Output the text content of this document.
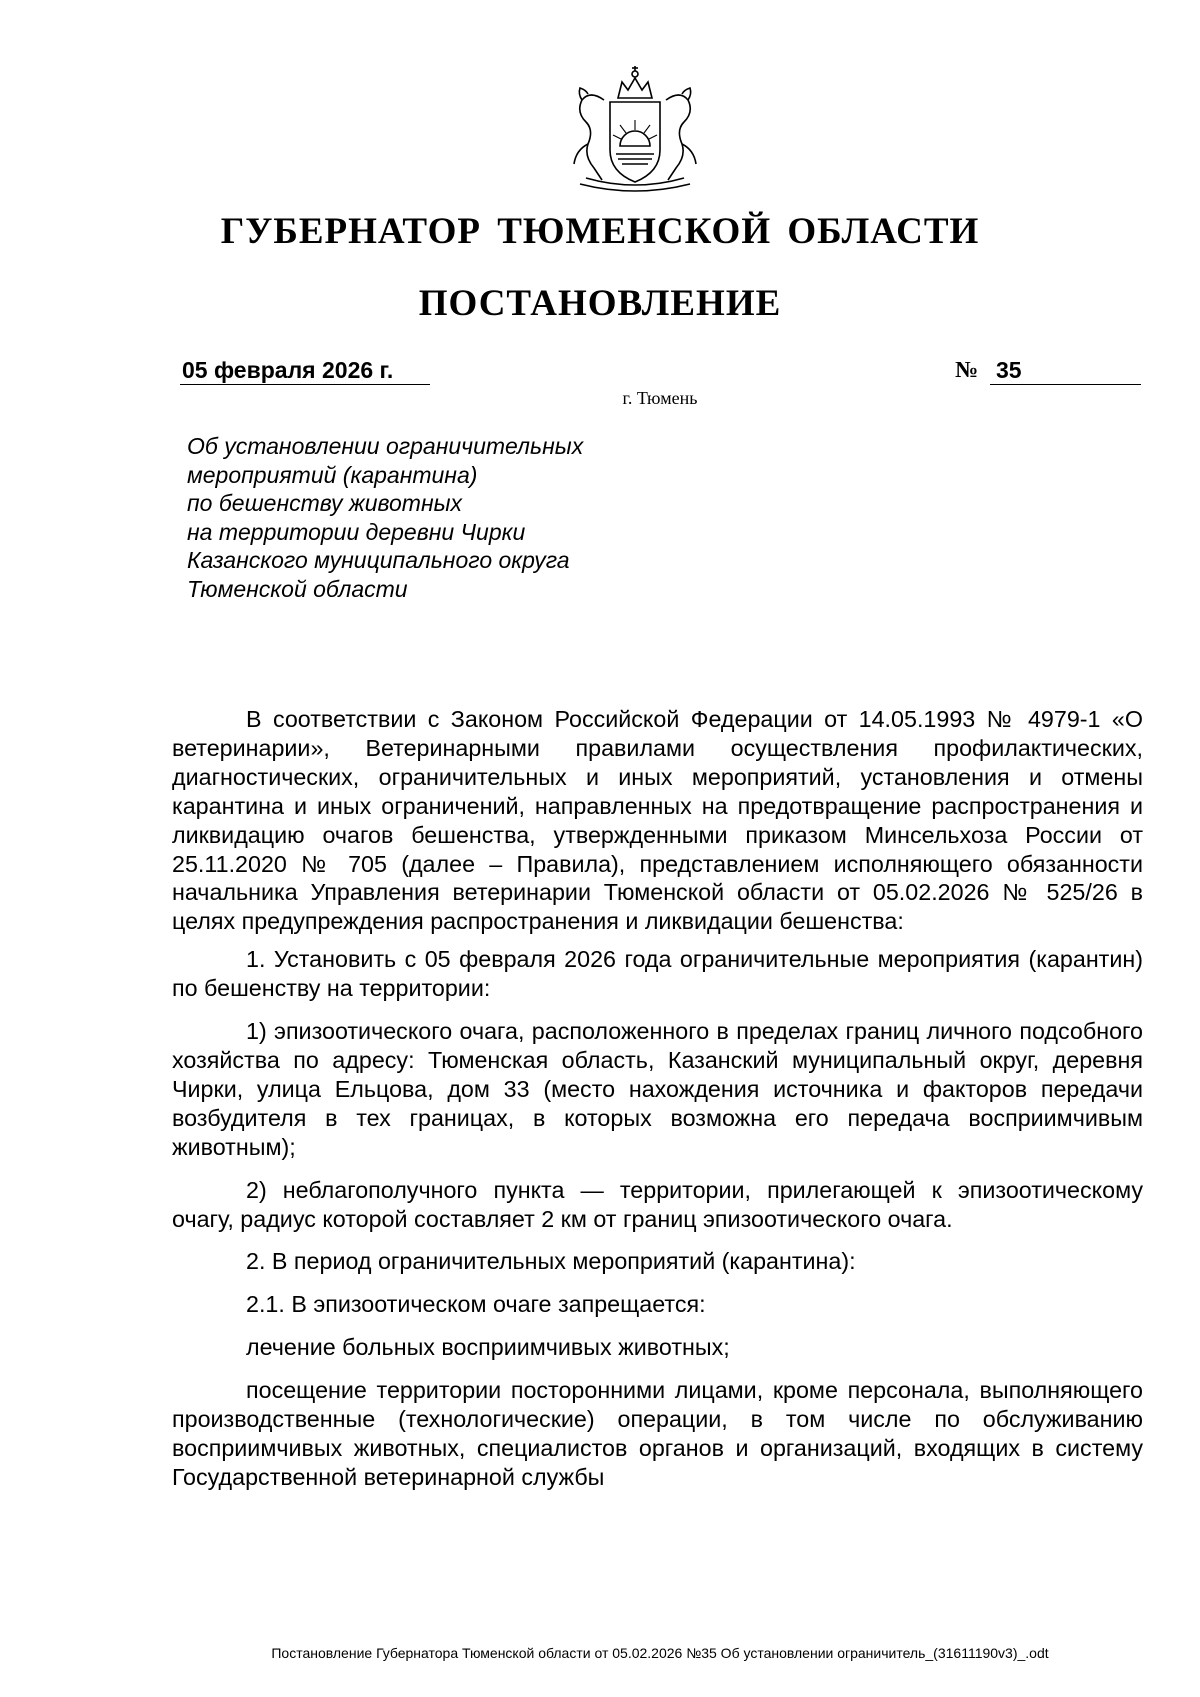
ГУБЕРНАТОР ТЮМЕНСКОЙ ОБЛАСТИ
ПОСТАНОВЛЕНИЕ
05 февраля 2026 г.	№ 35
г. Тюмень
Об установлении ограничительных
мероприятий (карантина)
по бешенству животных
на территории деревни Чирки
Казанского муниципального округа
Тюменской области

В соответствии с Законом Российской Федерации от 14.05.1993 № 4979-1 «О ветеринарии», Ветеринарными правилами осуществления профилактических, диагностических, ограничительных и иных мероприятий, установления и отмены карантина и иных ограничений, направленных на предотвращение распространения и ликвидацию очагов бешенства, утвержденными приказом Минсельхоза России от 25.11.2020 № 705 (далее – Правила), представлением исполняющего обязанности начальника Управления ветеринарии Тюменской области от 05.02.2026 № 525/26 в целях предупреждения распространения и ликвидации бешенства:

1. Установить с 05 февраля 2026 года ограничительные мероприятия (карантин) по бешенству на территории:

1) эпизоотического очага, расположенного в пределах границ личного подсобного хозяйства по адресу: Тюменская область, Казанский муниципальный округ, деревня Чирки, улица Ельцова, дом 33 (место нахождения источника и факторов передачи возбудителя в тех границах, в которых возможна его передача восприимчивым животным);

2) неблагополучного пункта — территории, прилегающей к эпизоотическому очагу, радиус которой составляет 2 км от границ эпизоотического очага.

2. В период ограничительных мероприятий (карантина):

2.1. В эпизоотическом очаге запрещается:

лечение больных восприимчивых животных;

посещение территории посторонними лицами, кроме персонала, выполняющего производственные (технологические) операции, в том числе по обслуживанию восприимчивых животных, специалистов органов и организаций, входящих в систему Государственной ветеринарной службы

Постановление Губернатора Тюменской области от 05.02.2026 №35 Об установлении ограничитель_(31611190v3)_.odt
